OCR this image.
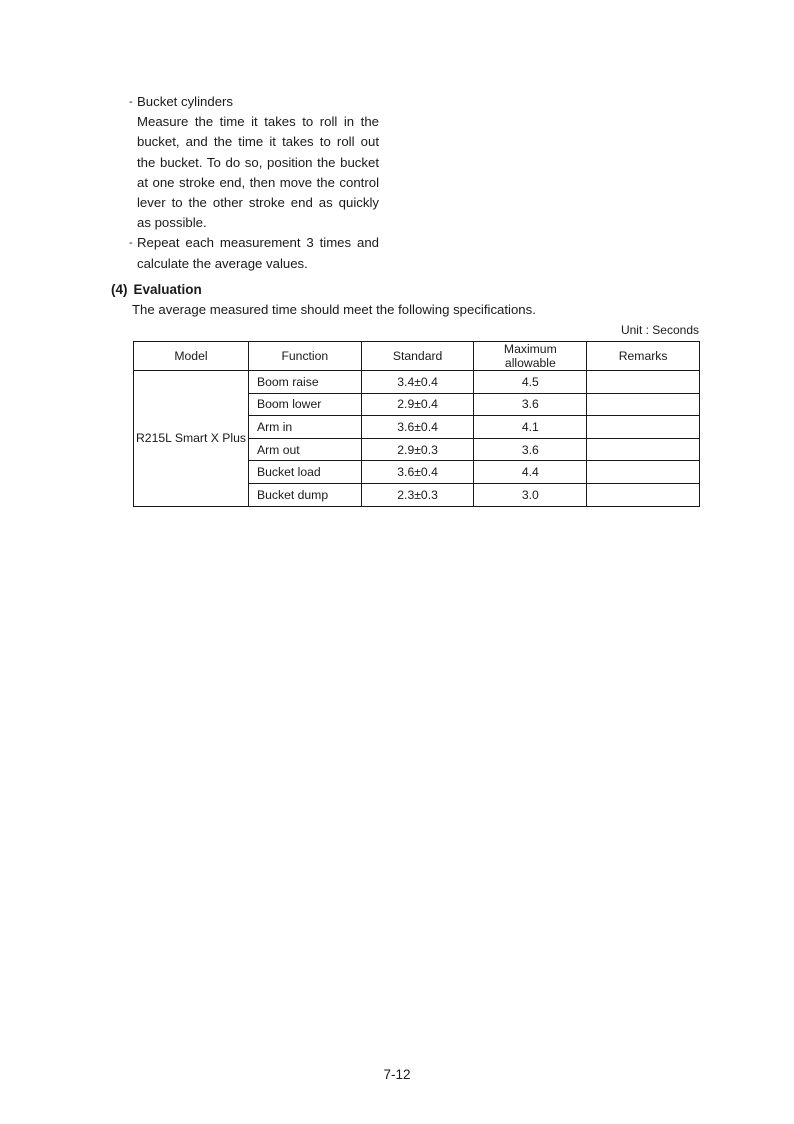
- Bucket cylinders

Measure the time it takes to roll in the bucket, and the time it takes to roll out the bucket. To do so, position the bucket at one stroke end, then move the control lever to the other stroke end as quickly as possible.

- Repeat each measurement 3 times and calculate the average values.

(4) Evaluation
The average measured time should meet the following specifications.
Unit : Seconds
Model	Function	Standard	Maximum allowable	Remarks
R215L Smart X Plus	Boom raise	3.4±0.4	4.5	
	Boom lower	2.9±0.4	3.6	
	Arm in	3.6±0.4	4.1	
	Arm out	2.9±0.3	3.6	
	Bucket load	3.6±0.4	4.4	
	Bucket dump	2.3±0.3	3.0	
7-12
